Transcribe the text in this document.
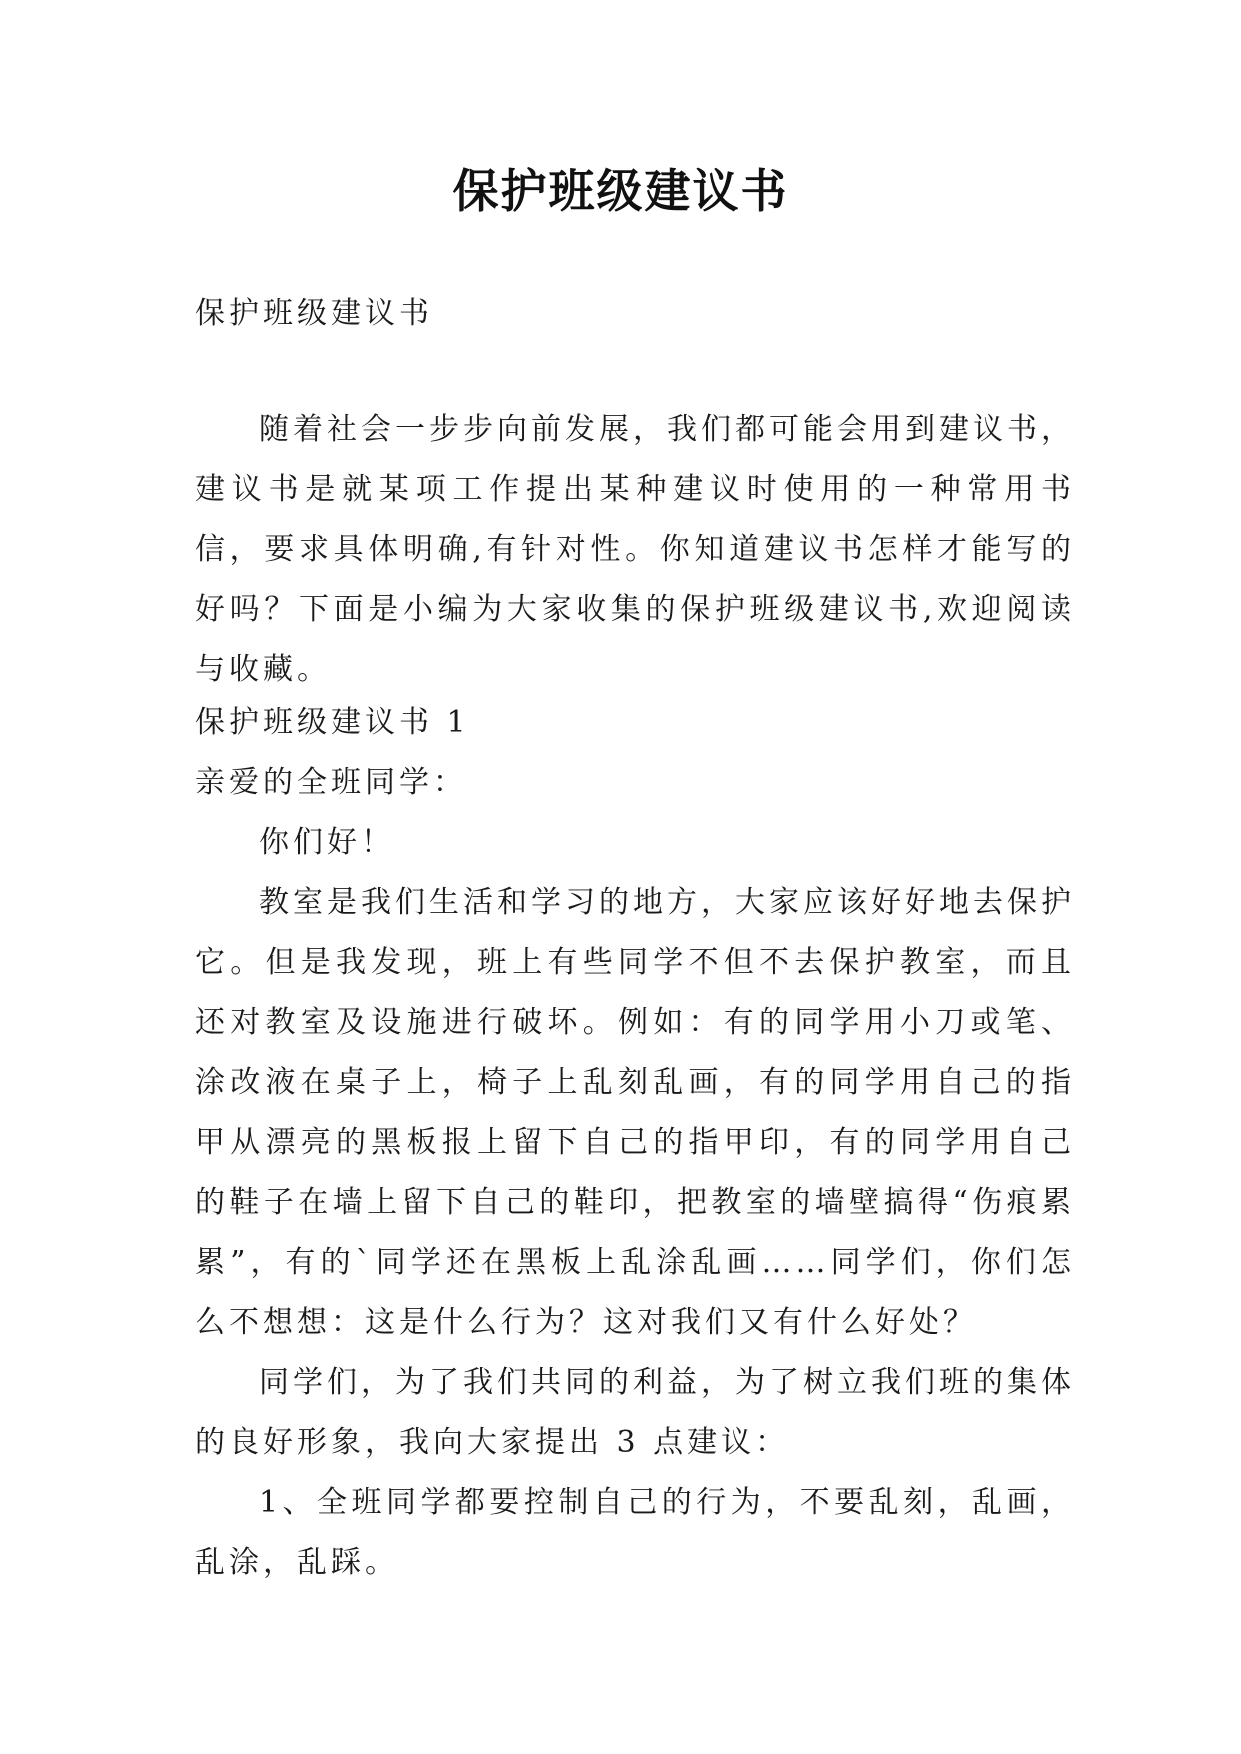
保护班级建议书

保护班级建议书

随着社会一步步向前发展，我们都可能会用到建议书，建议书是就某项工作提出某种建议时使用的一种常用书信，要求具体明确,有针对性。你知道建议书怎样才能写的好吗？下面是小编为大家收集的保护班级建议书,欢迎阅读与收藏。

保护班级建议书 1

亲爱的全班同学：

你们好！

教室是我们生活和学习的地方，大家应该好好地去保护它。但是我发现，班上有些同学不但不去保护教室，而且还对教室及设施进行破坏。例如：有的同学用小刀或笔、涂改液在桌子上，椅子上乱刻乱画，有的同学用自己的指甲从漂亮的黑板报上留下自己的指甲印，有的同学用自己的鞋子在墙上留下自己的鞋印，把教室的墙壁搞得“伤痕累累”，有的`同学还在黑板上乱涂乱画……同学们，你们怎么不想想：这是什么行为？这对我们又有什么好处？

同学们，为了我们共同的利益，为了树立我们班的集体的良好形象，我向大家提出 3 点建议：

1、全班同学都要控制自己的行为，不要乱刻，乱画，乱涂，乱踩。
